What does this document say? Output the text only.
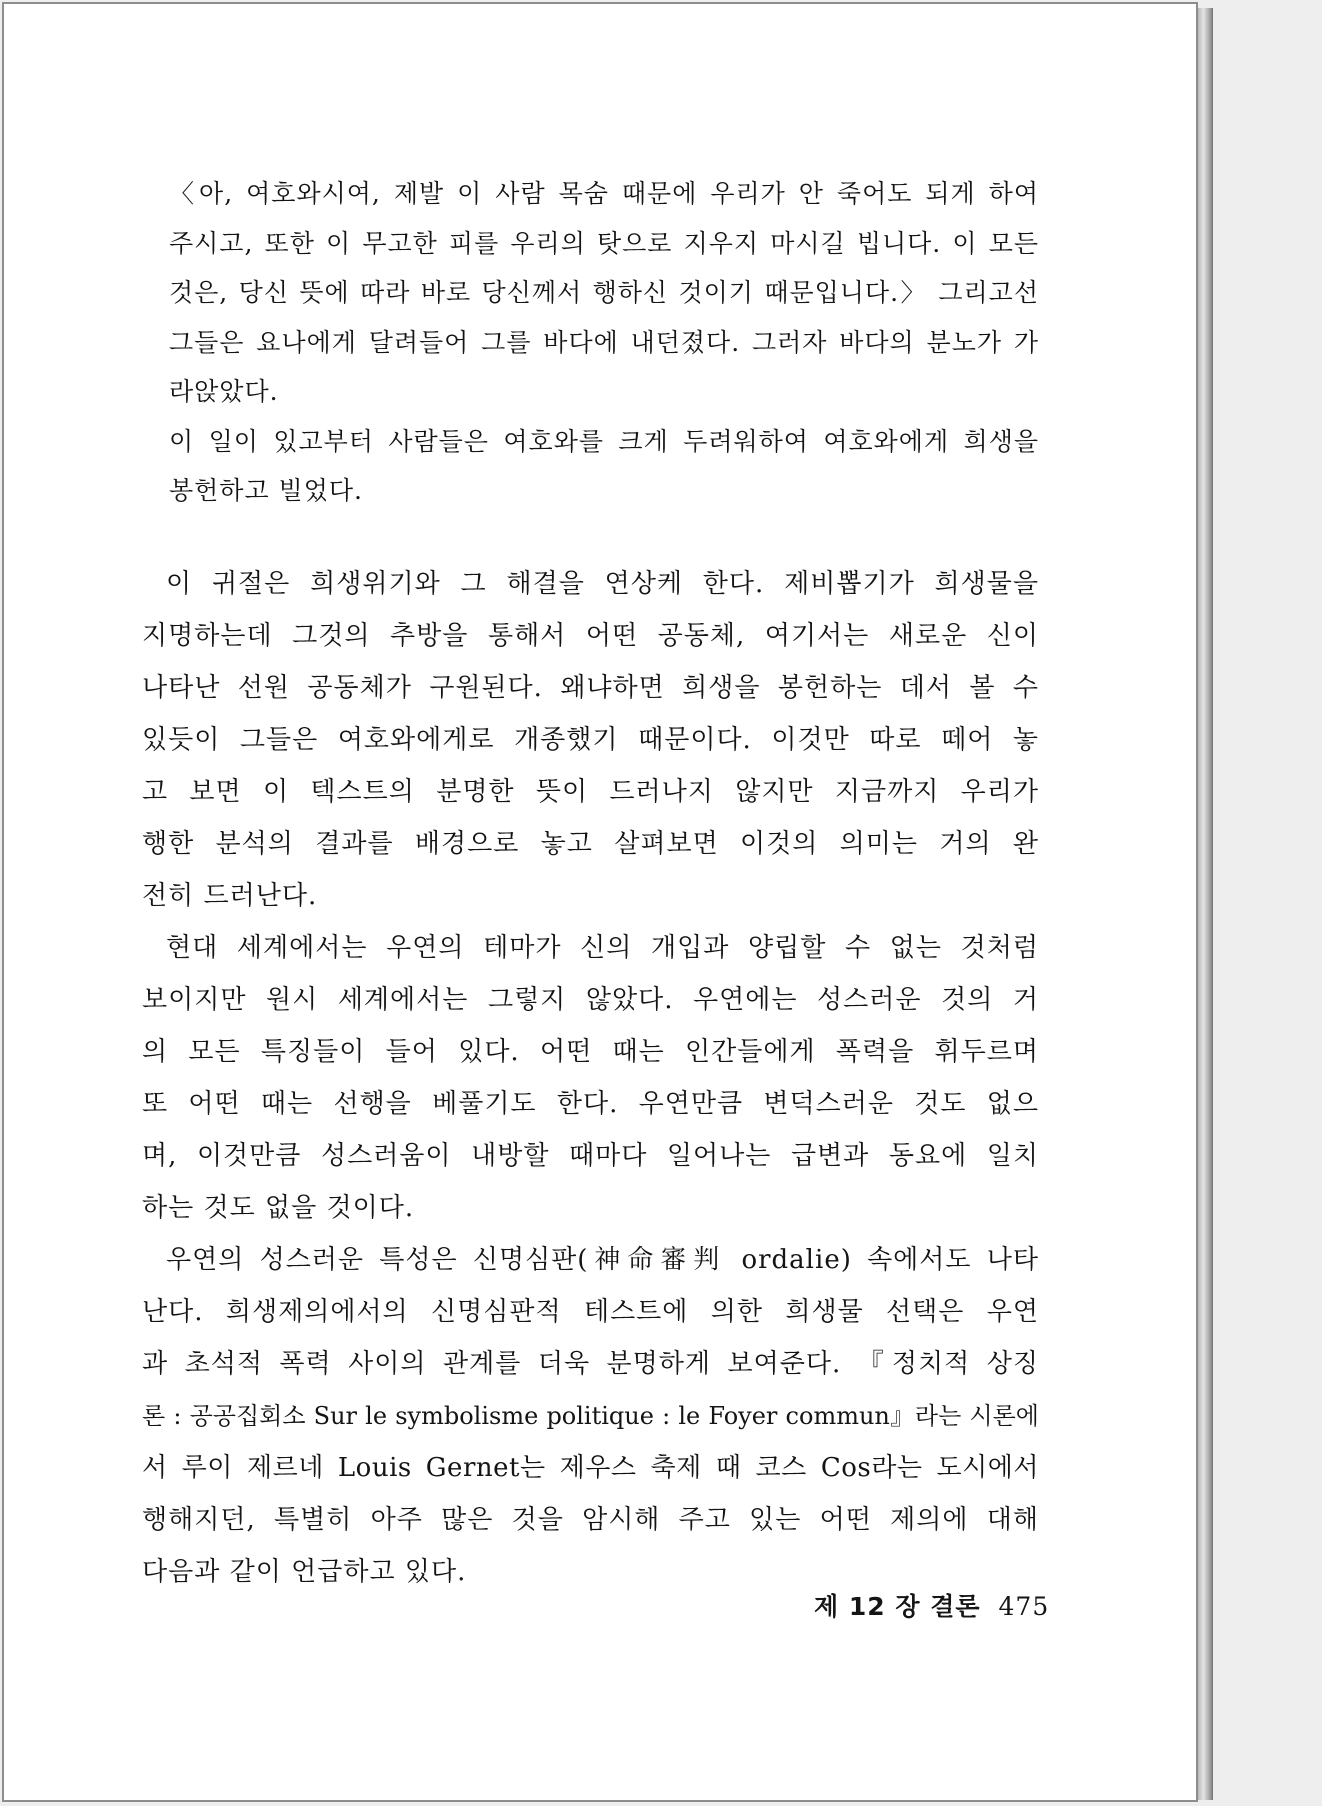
〈아, 여호와시여, 제발 이 사람 목숨 때문에 우리가 안 죽어도 되게 하여
주시고, 또한 이 무고한 피를 우리의 탓으로 지우지 마시길 빕니다. 이 모든
것은, 당신 뜻에 따라 바로 당신께서 행하신 것이기 때문입니다.〉 그리고선
그들은 요나에게 달려들어 그를 바다에 내던졌다. 그러자 바다의 분노가 가
라앉았다.
이 일이 있고부터 사람들은 여호와를 크게 두려워하여 여호와에게 희생을
봉헌하고 빌었다.
이 귀절은 희생위기와 그 해결을 연상케 한다. 제비뽑기가 희생물을
지명하는데 그것의 추방을 통해서 어떤 공동체, 여기서는 새로운 신이
나타난 선원 공동체가 구원된다. 왜냐하면 희생을 봉헌하는 데서 볼 수
있듯이 그들은 여호와에게로 개종했기 때문이다. 이것만 따로 떼어 놓
고 보면 이 텍스트의 분명한 뜻이 드러나지 않지만 지금까지 우리가
행한 분석의 결과를 배경으로 놓고 살펴보면 이것의 의미는 거의 완
전히 드러난다.
현대 세계에서는 우연의 테마가 신의 개입과 양립할 수 없는 것처럼
보이지만 원시 세계에서는 그렇지 않았다. 우연에는 성스러운 것의 거
의 모든 특징들이 들어 있다. 어떤 때는 인간들에게 폭력을 휘두르며
또 어떤 때는 선행을 베풀기도 한다. 우연만큼 변덕스러운 것도 없으
며, 이것만큼 성스러움이 내방할 때마다 일어나는 급변과 동요에 일치
하는 것도 없을 것이다.
우연의 성스러운 특성은 신명심판(神命審判 ordalie) 속에서도 나타
난다. 희생제의에서의 신명심판적 테스트에 의한 희생물 선택은 우연
과 초석적 폭력 사이의 관계를 더욱 분명하게 보여준다. 『정치적 상징
론 : 공공집회소 Sur le symbolisme politique : le Foyer commun』라는 시론에
서 루이 제르네 Louis Gernet는 제우스 축제 때 코스 Cos라는 도시에서
행해지던, 특별히 아주 많은 것을 암시해 주고 있는 어떤 제의에 대해
다음과 같이 언급하고 있다.
제 12 장 결론 475
